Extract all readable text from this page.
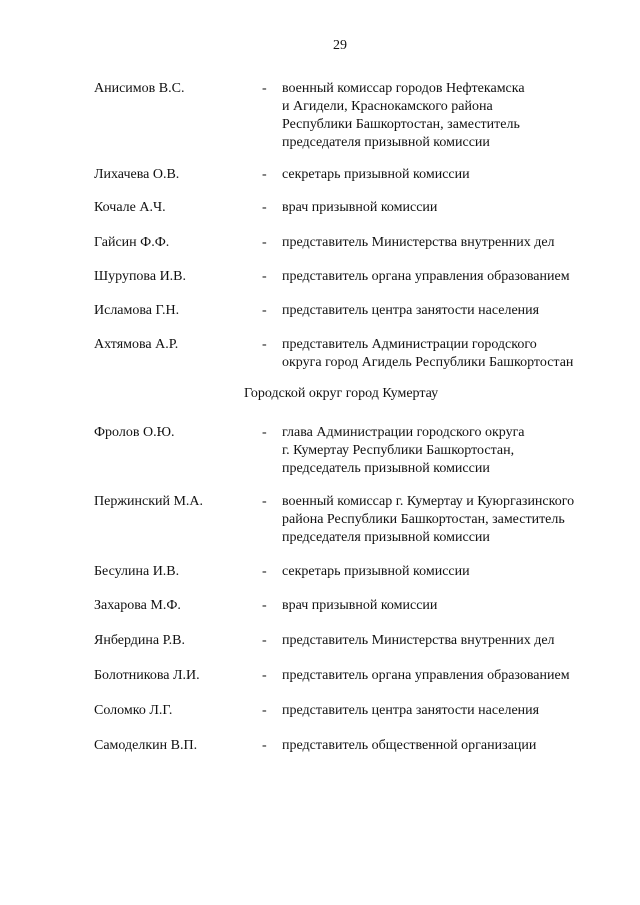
29
Анисимов В.С.	- военный комиссар городов Нефтекамска
и Агидели, Краснокамского района
Республики Башкортостан, заместитель
председателя призывной комиссии
Лихачева О.В.	- секретарь призывной комиссии
Кочале А.Ч.	- врач призывной комиссии
Гайсин Ф.Ф.	- представитель Министерства внутренних дел
Шурупова И.В.	- представитель органа управления образованием
Исламова Г.Н.	- представитель центра занятости населения
Ахтямова А.Р.	- представитель Администрации городского
округа город Агидель Республики Башкортостан
Городской округ город Кумертау
Фролов О.Ю.	- глава Администрации городского округа
г. Кумертау Республики Башкортостан,
председатель призывной комиссии
Пержинский М.А.	- военный комиссар г. Кумертау и Куюргазинского
района Республики Башкортостан, заместитель
председателя призывной комиссии
Бесулина И.В.	- секретарь призывной комиссии
Захарова М.Ф.	- врач призывной комиссии
Янбердина Р.В.	- представитель Министерства внутренних дел
Болотникова Л.И.	- представитель органа управления образованием
Соломко Л.Г.	- представитель центра занятости населения
Самоделкин В.П.	- представитель общественной организации
